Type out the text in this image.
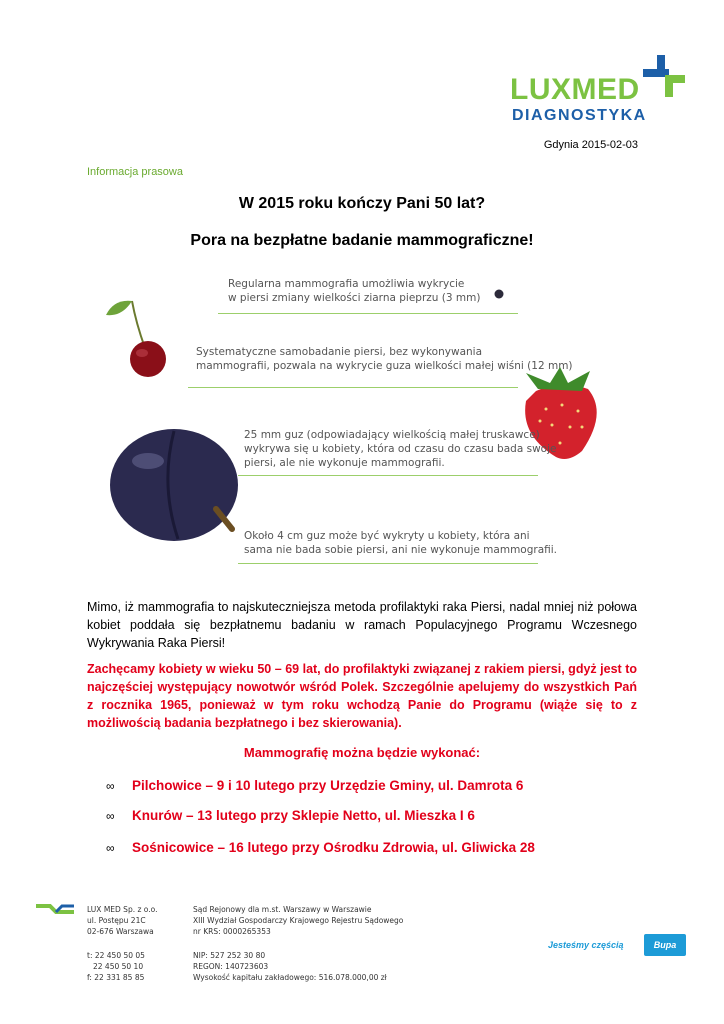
LUXMED
DIAGNOSTYKA
Gdynia 2015-02-03
Informacja prasowa
W 2015 roku kończy Pani 50 lat?
Pora na bezpłatne badanie mammograficzne!
Regularna mammografia umożliwia wykrycie
w piersi zmiany wielkości ziarna pieprzu (3 mm)
Systematyczne samobadanie piersi, bez wykonywania
mammografii, pozwala na wykrycie guza wielkości małej wiśni (12 mm)
25 mm guz (odpowiadający wielkością małej truskawce)
wykrywa się u kobiety, która od czasu do czasu bada swoje
piersi, ale nie wykonuje mammografii.
Około 4 cm guz może być wykryty u kobiety, która ani
sama nie bada sobie piersi, ani nie wykonuje mammografii.
Mimo, iż mammografia to najskuteczniejsza metoda profilaktyki raka Piersi, nadal mniej niż połowa kobiet poddała się bezpłatnemu badaniu w ramach Populacyjnego Programu Wczesnego Wykrywania Raka Piersi!
Zachęcamy kobiety w wieku 50 – 69 lat, do profilaktyki związanej z rakiem piersi, gdyż jest to najczęściej występujący nowotwór wśród Polek. Szczególnie apelujemy do wszystkich Pań z rocznika 1965, ponieważ w tym roku wchodzą Panie do Programu (wiąże się to z możliwością badania bezpłatnego i bez skierowania).
Mammografię można będzie wykonać:
∞ Pilchowice – 9 i 10 lutego przy Urzędzie Gminy, ul. Damrota 6
∞ Knurów – 13 lutego przy Sklepie Netto, ul. Mieszka I 6
∞ Sośnicowice – 16 lutego przy Ośrodku Zdrowia, ul. Gliwicka 28
LUX MED Sp. z o.o.
ul. Postępu 21C
02-676 Warszawa
t: 22 450 50 05
22 450 50 10
f: 22 331 85 85
Sąd Rejonowy dla m.st. Warszawy w Warszawie
XIII Wydział Gospodarczy Krajowego Rejestru Sądowego
nr KRS: 0000265353
NIP: 527 252 30 80
REGON: 140723603
Wysokość kapitału zakładowego: 516.078.000,00 zł
Jesteśmy częścią	Bupa
